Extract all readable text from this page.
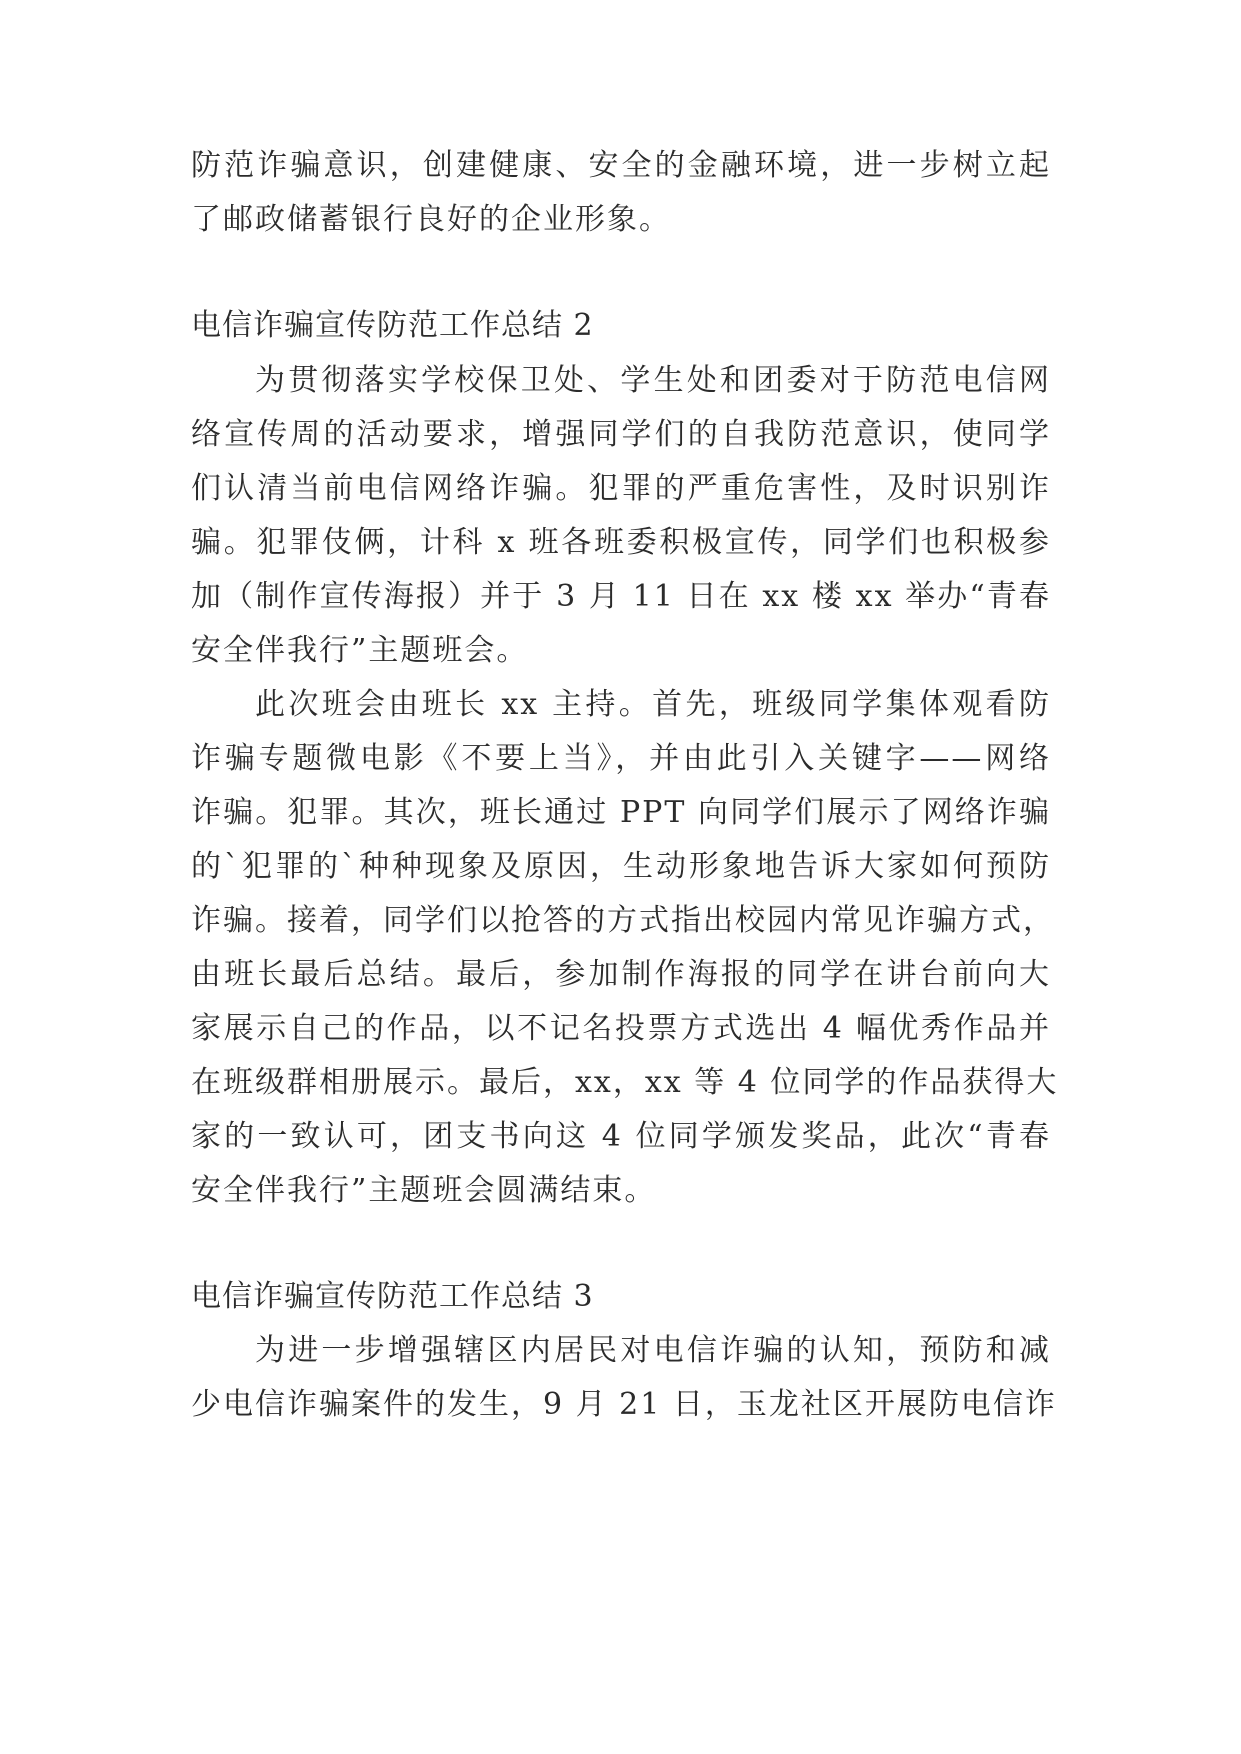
防范诈骗意识，创建健康、安全的金融环境，进一步树立起
了邮政储蓄银行良好的企业形象。
电信诈骗宣传防范工作总结 2
为贯彻落实学校保卫处、学生处和团委对于防范电信网
络宣传周的活动要求，增强同学们的自我防范意识，使同学
们认清当前电信网络诈骗。犯罪的严重危害性，及时识别诈
骗。犯罪伎俩，计科 x 班各班委积极宣传，同学们也积极参
加（制作宣传海报）并于 3 月 11 日在 xx 楼 xx 举办“青春
安全伴我行”主题班会。
此次班会由班长 xx 主持。首先，班级同学集体观看防
诈骗专题微电影《不要上当》，并由此引入关键字——网络
诈骗。犯罪。其次，班长通过 PPT 向同学们展示了网络诈骗
的`犯罪的`种种现象及原因，生动形象地告诉大家如何预防
诈骗。接着，同学们以抢答的方式指出校园内常见诈骗方式，
由班长最后总结。最后，参加制作海报的同学在讲台前向大
家展示自己的作品，以不记名投票方式选出 4 幅优秀作品并
在班级群相册展示。最后，xx，xx 等 4 位同学的作品获得大
家的一致认可，团支书向这 4 位同学颁发奖品，此次“青春
安全伴我行”主题班会圆满结束。
电信诈骗宣传防范工作总结 3
为进一步增强辖区内居民对电信诈骗的认知，预防和减
少电信诈骗案件的发生，9 月 21 日，玉龙社区开展防电信诈
